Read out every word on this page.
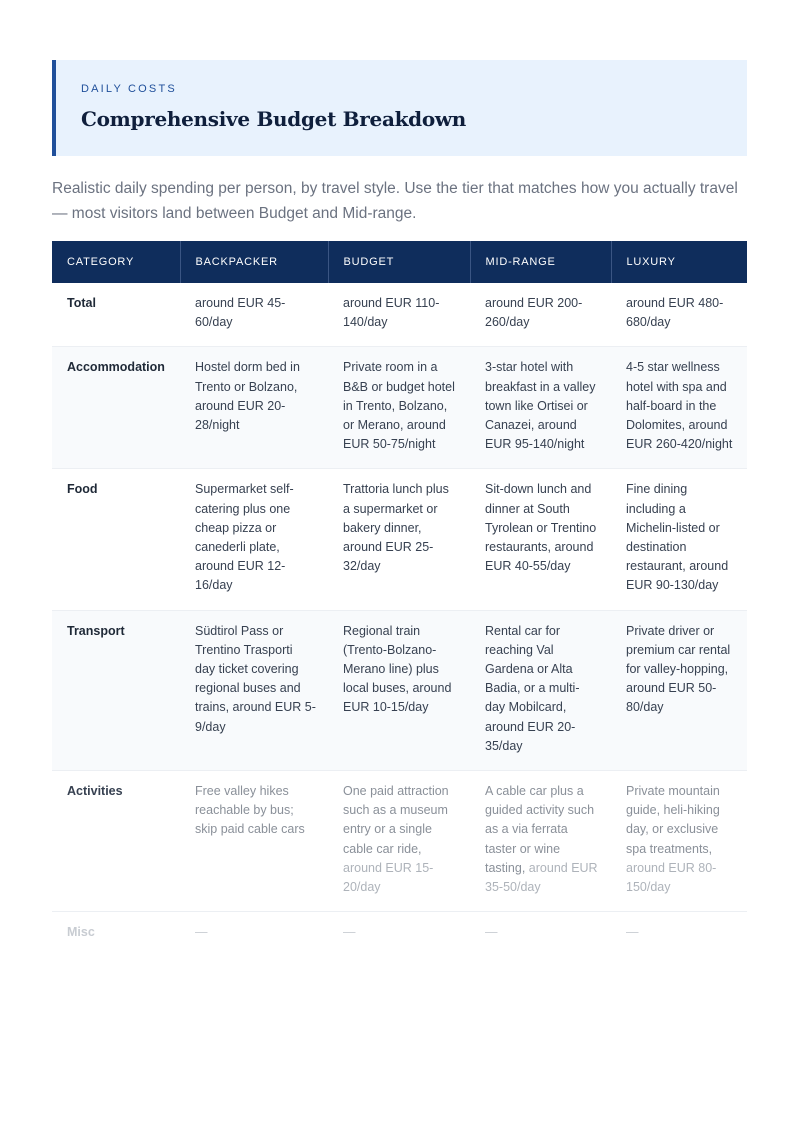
DAILY COSTS
Comprehensive Budget Breakdown

Realistic daily spending per person, by travel style. Use the tier that matches how you actually travel — most visitors land between Budget and Mid-range.

CATEGORY	BACKPACKER	BUDGET	MID-RANGE	LUXURY
Total	around EUR 45-60/day	around EUR 110-140/day	around EUR 200-260/day	around EUR 480-680/day
Accommodation	Hostel dorm bed in Trento or Bolzano, around EUR 20-28/night	Private room in a B&B or budget hotel in Trento, Bolzano, or Merano, around EUR 50-75/night	3-star hotel with breakfast in a valley town like Ortisei or Canazei, around EUR 95-140/night	4-5 star wellness hotel with spa and half-board in the Dolomites, around EUR 260-420/night
Food	Supermarket self-catering plus one cheap pizza or canederli plate, around EUR 12-16/day	Trattoria lunch plus a supermarket or bakery dinner, around EUR 25-32/day	Sit-down lunch and dinner at South Tyrolean or Trentino restaurants, around EUR 40-55/day	Fine dining including a Michelin-listed or destination restaurant, around EUR 90-130/day
Transport	Südtirol Pass or Trentino Trasporti day ticket covering regional buses and trains, around EUR 5-9/day	Regional train (Trento-Bolzano-Merano line) plus local buses, around EUR 10-15/day	Rental car for reaching Val Gardena or Alta Badia, or a multi-day Mobilcard, around EUR 20-35/day	Private driver or premium car rental for valley-hopping, around EUR 50-80/day
Activities	Free valley hikes reachable by bus; skip paid cable cars	One paid attraction such as a museum entry or a single cable car ride, around EUR 15-20/day	A cable car plus a guided activity such as a via ferrata taster or wine tasting, around EUR 35-50/day	Private mountain guide, heli-hiking day, or exclusive spa treatments, around EUR 80-150/day
Misc	—	—	—	—
